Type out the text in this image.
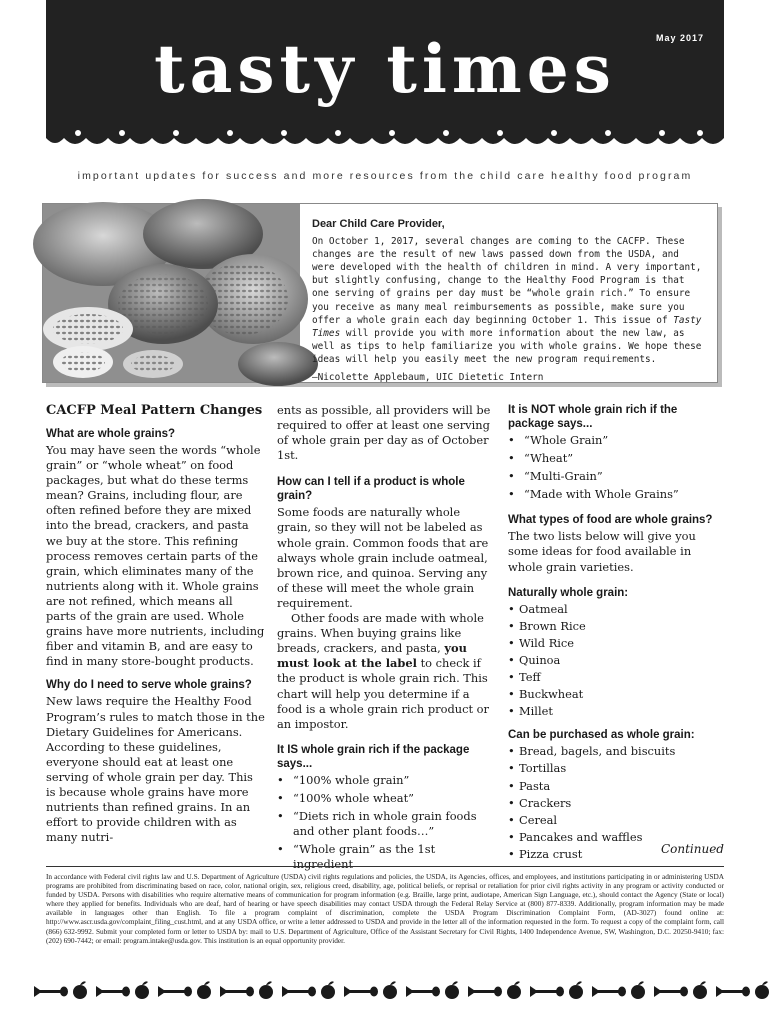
May 2017
tasty times
important updates for success and more resources from the child care healthy food program
Dear Child Care Provider,

On October 1, 2017, several changes are coming to the CACFP. These changes are the result of new laws passed down from the USDA, and were developed with the health of children in mind. A very important, but slightly confusing, change to the Healthy Food Program is that one serving of grains per day must be “whole grain rich.” To ensure you receive as many meal reimbursements as possible, make sure you offer a whole grain each day beginning October 1. This issue of Tasty Times will provide you with more information about the new law, as well as tips to help familiarize you with whole grains. We hope these ideas will help you easily meet the new program requirements.

—Nicolette Applebaum, UIC Dietetic Intern

CACFP Meal Pattern Changes
What are whole grains?

You may have seen the words “whole grain” or “whole wheat” on food packages, but what do these terms mean? Grains, including flour, are often refined before they are mixed into the bread, crackers, and pasta we buy at the store. This refining process removes certain parts of the grain, which eliminates many of the nutrients along with it. Whole grains are not refined, which means all parts of the grain are used. Whole grains have more nutrients, including fiber and vitamin B, and are easy to find in many store-bought products.

Why do I need to serve whole grains?

New laws require the Healthy Food Program’s rules to match those in the Dietary Guidelines for Americans. According to these guidelines, everyone should eat at least one serving of whole grain per day. This is because whole grains have more nutrients than refined grains. In an effort to provide children with as many nutri-

ents as possible, all providers will be required to offer at least one serving of whole grain per day as of October 1st.

How can I tell if a product is whole grain?

Some foods are naturally whole grain, so they will not be labeled as whole grain. Common foods that are always whole grain include oatmeal, brown rice, and quinoa. Serving any of these will meet the whole grain requirement.

Other foods are made with whole grains. When buying grains like breads, crackers, and pasta, you must look at the label to check if the product is whole grain rich. This chart will help you determine if a food is a whole grain rich product or an impostor.

It IS whole grain rich if the package says...
• “100% whole grain”
• “100% whole wheat”
• “Diets rich in whole grain foods and other plant foods…”
• “Whole grain” as the 1st ingredient
It is NOT whole grain rich if the package says...
• “Whole Grain”
• “Wheat”
• “Multi-Grain”
• “Made with Whole Grains”
What types of food are whole grains?

The two lists below will give you some ideas for food available in whole grain varieties.

Naturally whole grain:
• Oatmeal
• Brown Rice
• Wild Rice
• Quinoa
• Teff
• Buckwheat
• Millet
Can be purchased as whole grain:
• Bread, bagels, and biscuits
• Tortillas
• Pasta
• Crackers
• Cereal
• Pancakes and waffles
• Pizza crust	Continued
In accordance with Federal civil rights law and U.S. Department of Agriculture (USDA) civil rights regulations and policies, the USDA, its Agencies, offices, and employees, and institutions participating in or administering USDA programs are prohibited from discriminating based on race, color, national origin, sex, religious creed, disability, age, political beliefs, or reprisal or retaliation for prior civil rights activity in any program or activity conducted or funded by USDA. Persons with disabilities who require alternative means of communication for program information (e.g. Braille, large print, audiotape, American Sign Language, etc.), should contact the Agency (State or local) where they applied for benefits. Individuals who are deaf, hard of hearing or have speech disabilities may contact USDA through the Federal Relay Service at (800) 877-8339. Additionally, program information may be made available in languages other than English. To file a program complaint of discrimination, complete the USDA Program Discrimination Complaint Form, (AD-3027) found online at: http://www.ascr.usda.gov/complaint_filing_cust.html, and at any USDA office, or write a letter addressed to USDA and provide in the letter all of the information requested in the form. To request a copy of the complaint form, call (866) 632-9992. Submit your completed form or letter to USDA by: mail to U.S. Department of Agriculture, Office of the Assistant Secretary for Civil Rights, 1400 Independence Avenue, SW, Washington, D.C. 20250-9410; fax: (202) 690-7442; or email: program.intake@usda.gov. This institution is an equal opportunity provider.
